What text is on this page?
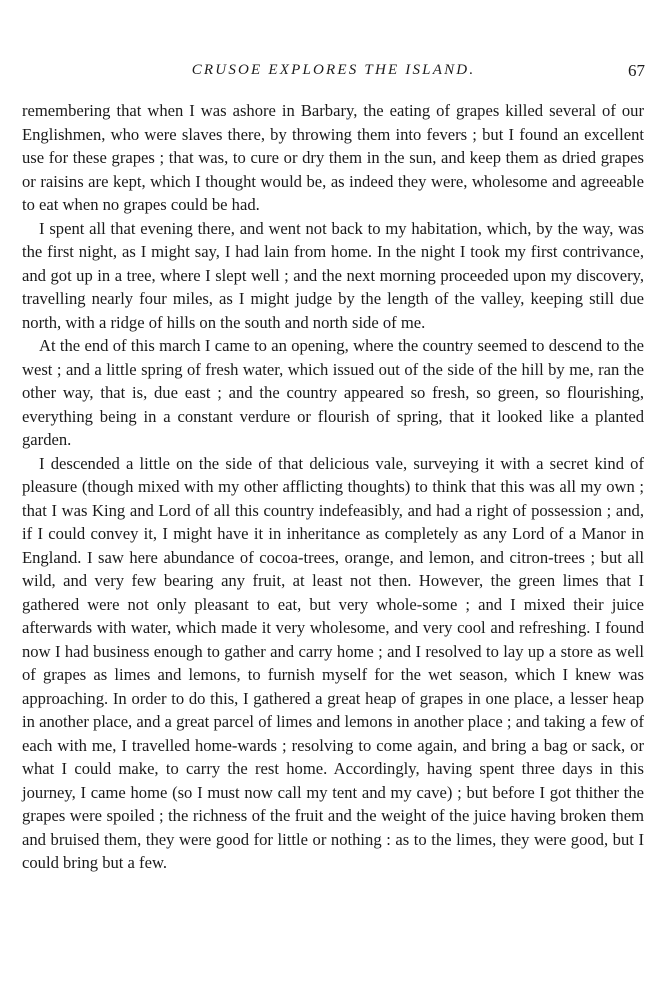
CRUSOE EXPLORES THE ISLAND.	67

remembering that when I was ashore in Barbary, the eating of grapes killed several of our Englishmen, who were slaves there, by throwing them into fevers ; but I found an excellent use for these grapes ; that was, to cure or dry them in the sun, and keep them as dried grapes or raisins are kept, which I thought would be, as indeed they were, wholesome and agreeable to eat when no grapes could be had.

I spent all that evening there, and went not back to my habitation, which, by the way, was the first night, as I might say, I had lain from home. In the night I took my first contrivance, and got up in a tree, where I slept well ; and the next morning proceeded upon my discovery, travelling nearly four miles, as I might judge by the length of the valley, keeping still due north, with a ridge of hills on the south and north side of me.

At the end of this march I came to an opening, where the country seemed to descend to the west ; and a little spring of fresh water, which issued out of the side of the hill by me, ran the other way, that is, due east ; and the country appeared so fresh, so green, so flourishing, everything being in a constant verdure or flourish of spring, that it looked like a planted garden.

I descended a little on the side of that delicious vale, surveying it with a secret kind of pleasure (though mixed with my other afflicting thoughts) to think that this was all my own ; that I was King and Lord of all this country indefeasibly, and had a right of possession ; and, if I could convey it, I might have it in inheritance as completely as any Lord of a Manor in England. I saw here abundance of cocoa-trees, orange, and lemon, and citron-trees ; but all wild, and very few bearing any fruit, at least not then. However, the green limes that I gathered were not only pleasant to eat, but very whole-some ; and I mixed their juice afterwards with water, which made it very wholesome, and very cool and refreshing. I found now I had business enough to gather and carry home ; and I resolved to lay up a store as well of grapes as limes and lemons, to furnish myself for the wet season, which I knew was approaching. In order to do this, I gathered a great heap of grapes in one place, a lesser heap in another place, and a great parcel of limes and lemons in another place ; and taking a few of each with me, I travelled home-wards ; resolving to come again, and bring a bag or sack, or what I could make, to carry the rest home. Accordingly, having spent three days in this journey, I came home (so I must now call my tent and my cave) ; but before I got thither the grapes were spoiled ; the richness of the fruit and the weight of the juice having broken them and bruised them, they were good for little or nothing : as to the limes, they were good, but I could bring but a few.
